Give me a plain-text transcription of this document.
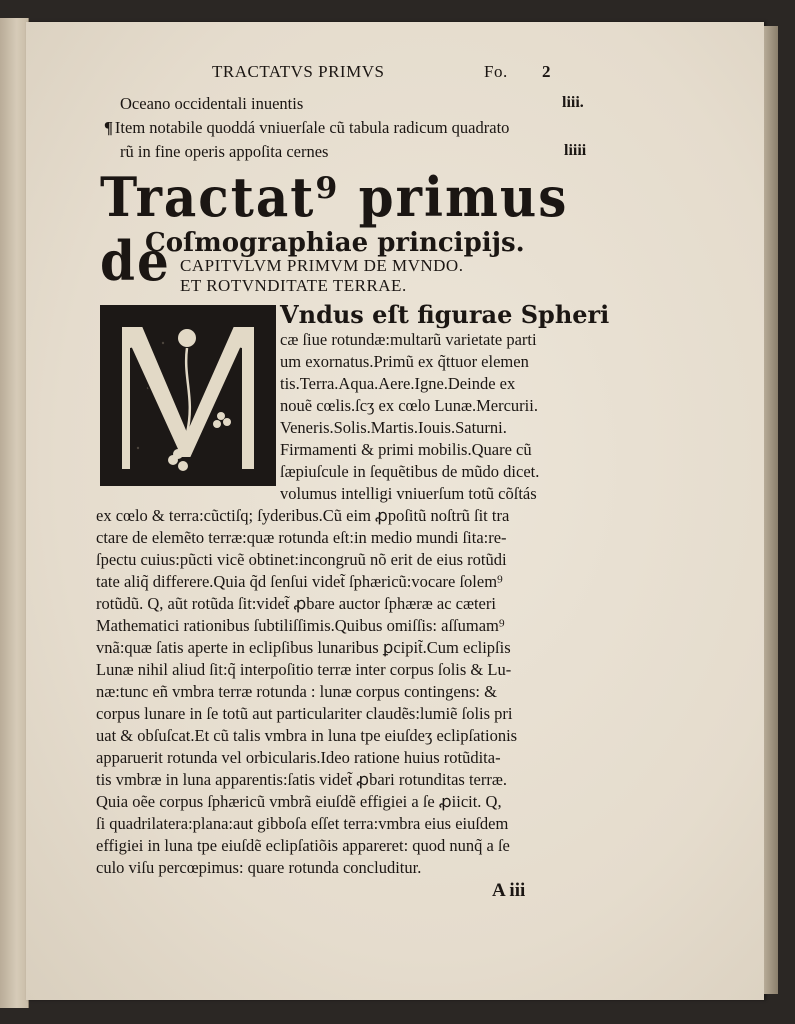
TRACTATVS PRIMVS	Fo. 2
Oceano occidentali inuentis	liii.
¶ Item notabile quoddá vniuerſale cũ tabula radicum quadrato
rũ in fine operis appoſita cernes	liiii
Tractat⁹ primus de
Coſmographiae principijs.
CAPITVLVM PRIMVM DE MVNDO.
ET ROTVNDITATE TERRAE.
Vndus eſt figurae Spheri
cæ ſiue rotundæ:multarũ varietate parti
um exornatus.Primũ ex q̃ttuor elemen
tis.Terra.Aqua.Aere.Igne.Deinde ex
nouẽ cœlis.ſcʒ ex cœlo Lunæ.Mercurii.
Veneris.Solis.Martis.Iouis.Saturni.
Firmamenti & primi mobilis.Quare cũ
ſæpiuſcule in ſequẽtibus de mũdo dicet.
volumus intelligi vniuerſum totũ cõſtás
ex cœlo & terra:cũctiſq; ſyderibus.Cũ eim ꝓpoſitũ noſtrũ ſit tra
ctare de elemẽto terræ:quæ rotunda eſt:in medio mundi ſita:re-
ſpectu cuius:pũcti vicẽ obtinet:incongruũ nõ erit de eius rotũdi
tate aliq̃ differere.Quia q̃d ſenſui videt̃ ſphæricũ:vocare ſolem⁹
rotũdũ. Q, aũt rotũda ſit:videt̃ ꝓbare auctor ſphæræ ac cæteri
Mathematici rationibus ſubtiliſſimis.Quibus omiſſis: aſſumam⁹
vnã:quæ ſatis aperte in eclipſibus lunaribus ꝑcipit̃.Cum eclipſis
Lunæ nihil aliud ſit:q̃ interpoſitio terræ inter corpus ſolis & Lu-
næ:tunc eñ vmbra terræ rotunda : lunæ corpus contingens: &
corpus lunare in ſe totũ aut particulariter claudẽs:lumiẽ ſolis pri
uat & obſuſcat.Et cũ talis vmbra in luna tpe eiuſdeʒ eclipſationis
apparuerit rotunda vel orbicularis.Ideo ratione huius rotũdita-
tis vmbræ in luna apparentis:ſatis videt̃ ꝓbari rotunditas terræ.
Quia oẽe corpus ſphæricũ vmbrã eiuſdẽ effigiei a ſe ꝓiicit. Q,
ſi quadrilatera:plana:aut gibboſa eſſet terra:vmbra eius eiuſdem
effigiei in luna tpe eiuſdẽ eclipſatiõis appareret: quod nunq̃ a ſe
culo viſu percœpimus: quare rotunda concluditur.
A iii
